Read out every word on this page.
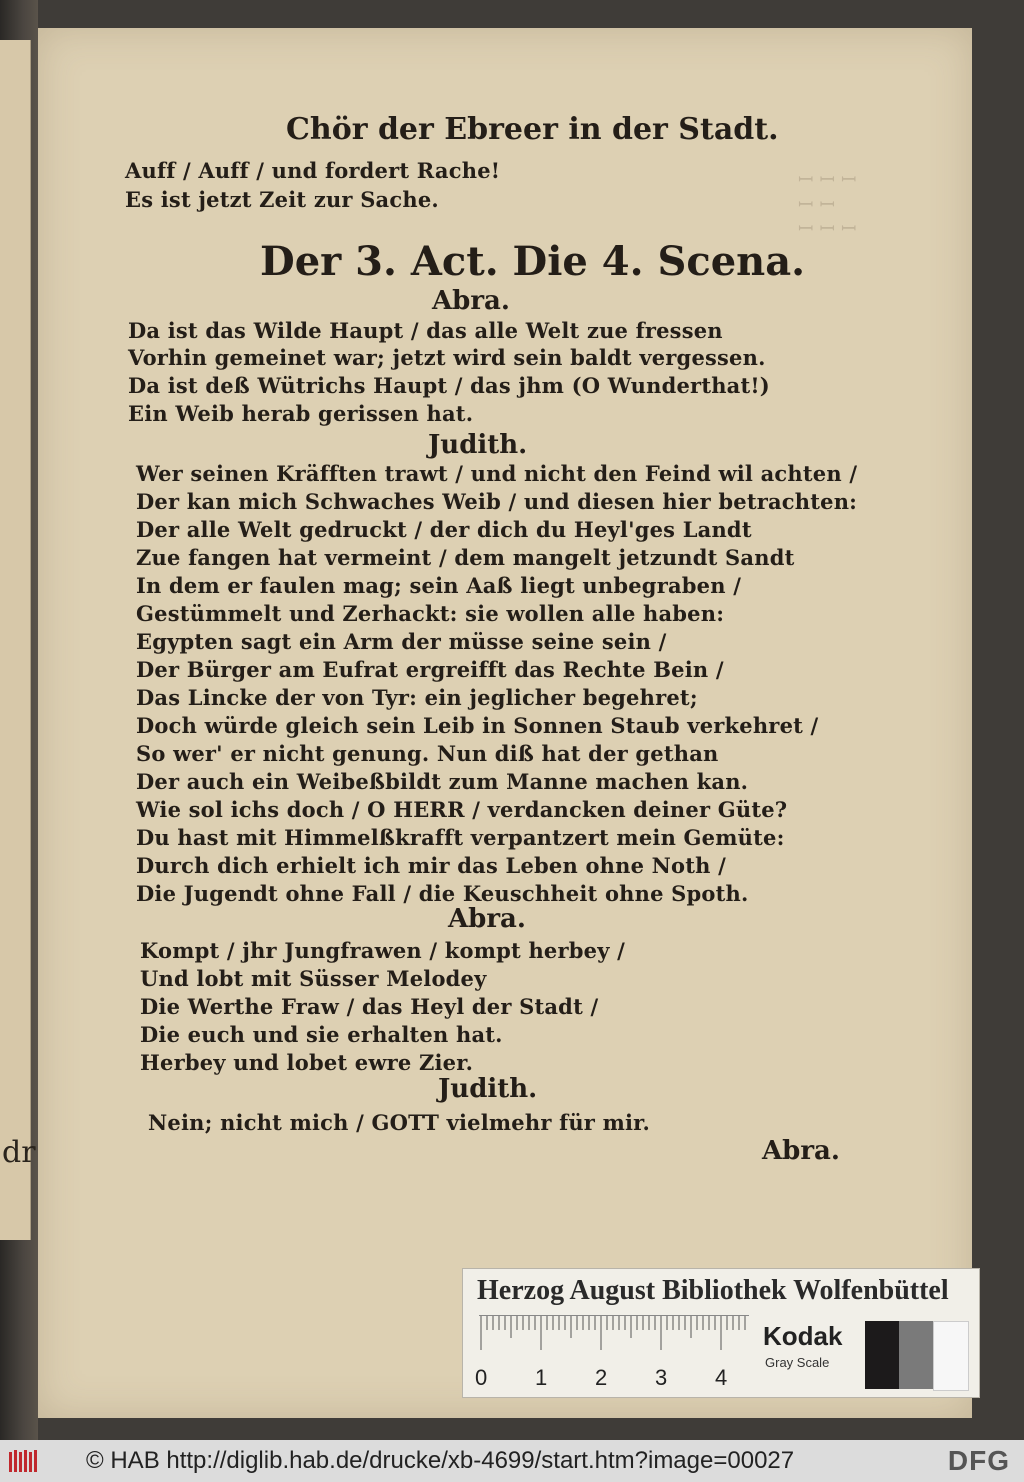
dr
ꟷ ꟷ ꟷ
ꟷ ꟷ
ꟷ ꟷ ꟷ
Chör der Ebreer in der Stadt.
Auff / Auff / und fordert Rache!
Es ist jetzt Zeit zur Sache.
Der 3. Act. Die 4. Scena.
Abra.
Da ist das Wilde Haupt / das alle Welt zue fressen
Vorhin gemeinet war; jetzt wird sein baldt vergessen.
Da ist deß Wütrichs Haupt / das jhm (O Wunderthat!)
Ein Weib herab gerissen hat.
Judith.
Wer seinen Kräfften trawt / und nicht den Feind wil achten /
Der kan mich Schwaches Weib / und diesen hier betrachten:
Der alle Welt gedruckt / der dich du Heyl'ges Landt
Zue fangen hat vermeint / dem mangelt jetzundt Sandt
In dem er faulen mag; sein Aaß liegt unbegraben /
Gestümmelt und Zerhackt: sie wollen alle haben:
Egypten sagt ein Arm der müsse seine sein /
Der Bürger am Eufrat ergreifft das Rechte Bein /
Das Lincke der von Tyr: ein jeglicher begehret;
Doch würde gleich sein Leib in Sonnen Staub verkehret /
So wer' er nicht genung. Nun diß hat der gethan
Der auch ein Weibeßbildt zum Manne machen kan.
Wie sol ichs doch / O HERR / verdancken deiner Güte?
Du hast mit Himmelßkrafft verpantzert mein Gemüte:
Durch dich erhielt ich mir das Leben ohne Noth /
Die Jugendt ohne Fall / die Keuschheit ohne Spoth.
Abra.
Kompt / jhr Jungfrawen / kompt herbey /
Und lobt mit Süsser Melodey
Die Werthe Fraw / das Heyl der Stadt /
Die euch und sie erhalten hat.
Herbey und lobet ewre Zier.
Judith.
Nein; nicht mich / GOTT vielmehr für mir.
Abra.
Herzog August Bibliothek Wolfenbüttel
0 1 2 3 4
Kodak
Gray Scale
© HAB http://diglib.hab.de/drucke/xb-4699/start.htm?image=00027	DFG
